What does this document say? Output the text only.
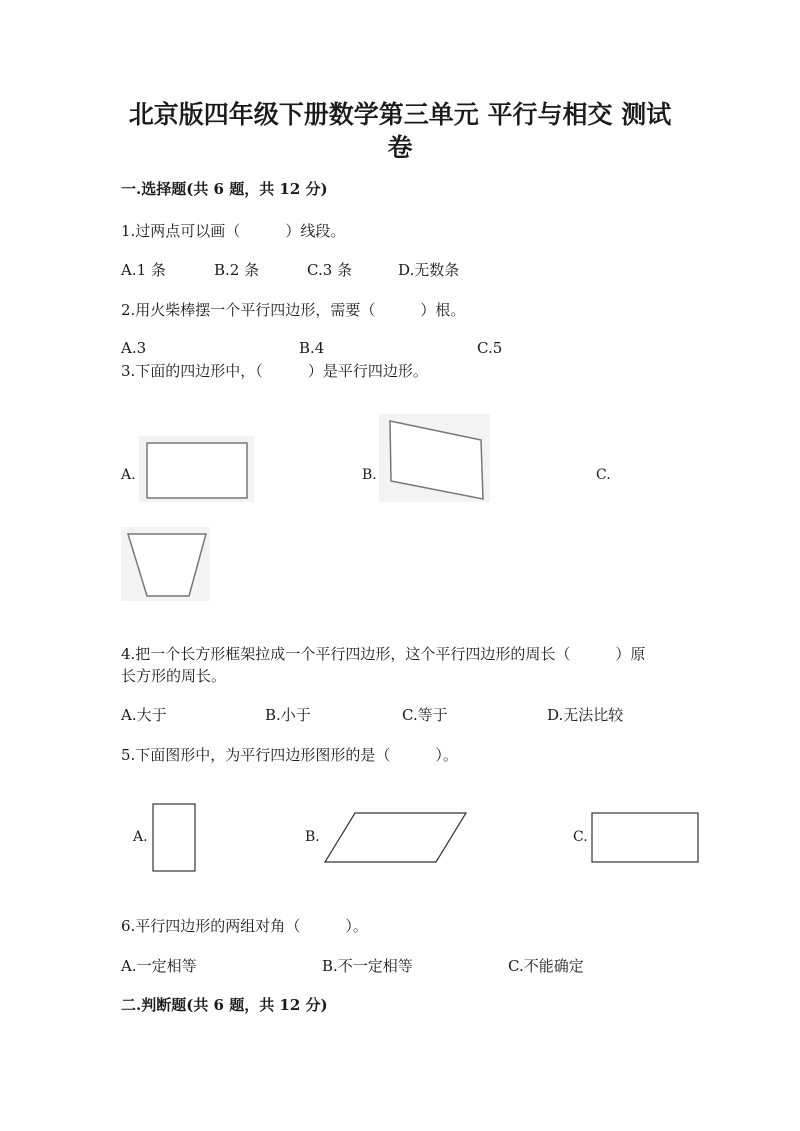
北京版四年级下册数学第三单元 平行与相交 测试
卷
一.选择题(共 6 题，共 12 分)
1.过两点可以画（　　　）线段。
A.1 条	B.2 条	C.3 条	D.无数条
2.用火柴棒摆一个平行四边形，需要（　　　）根。
A.3	B.4	C.5
3.下面的四边形中，（　　　）是平行四边形。
A.	B.	C.
4.把一个长方形框架拉成一个平行四边形，这个平行四边形的周长（　　　）原
长方形的周长。
A.大于	B.小于	C.等于	D.无法比较
5.下面图形中，为平行四边形图形的是（　　　）。
A.	B.	C.
6.平行四边形的两组对角（　　　）。
A.一定相等	B.不一定相等	C.不能确定
二.判断题(共 6 题，共 12 分)
